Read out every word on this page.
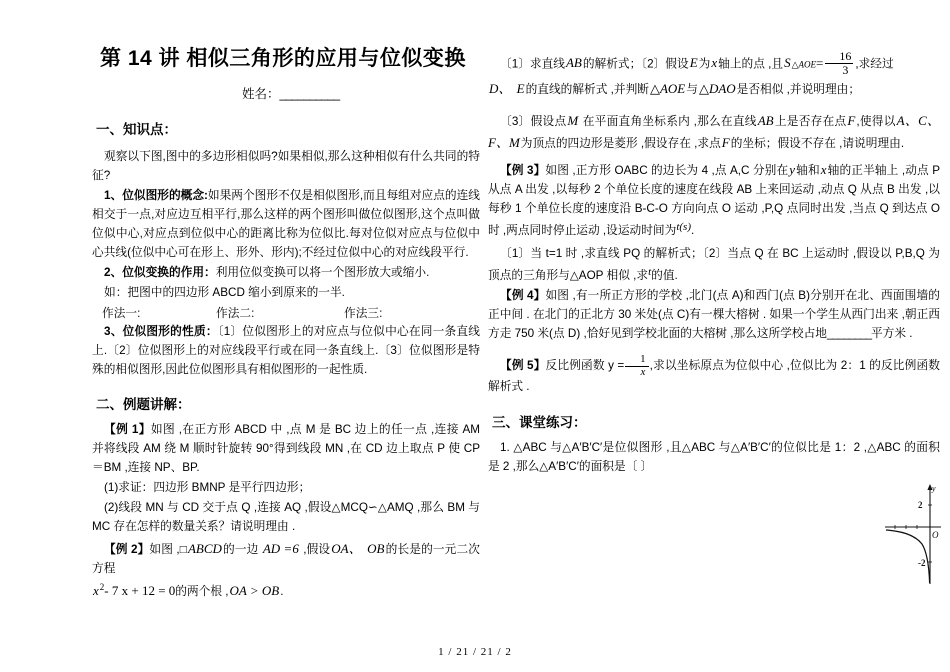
第 14 讲 相似三角形的应用与位似变换
姓名：__________
一、知识点：

观察以下图,图中的多边形相似吗?如果相似,那么这种相似有什么共同的特征?

1、位似图形的概念:如果两个图形不仅是相似图形,而且每组对应点的连线相交于一点,对应边互相平行,那么这样的两个图形叫做位似图形,这个点叫做位似中心,对应点到位似中心的距离比称为位似比.每对位似对应点与位似中心共线(位似中心可在形上、形外、形内);不经过位似中心的对应线段平行.

2、位似变换的作用：利用位似变换可以将一个图形放大或缩小.

如：把图中的四边形 ABCD 缩小到原来的一半.

作法一:	作法二:	作法三:

3、位似图形的性质：〔1〕位似图形上的对应点与位似中心在同一条直线上.〔2〕位似图形上的对应线段平行或在同一条直线上.〔3〕位似图形是特殊的相似图形,因此位似图形具有相似图形的一起性质.

二、例题讲解：

【例 1】如图 ,在正方形 ABCD 中 ,点 M 是 BC 边上的任一点 ,连接 AM 并将线段 AM 绕 M 顺时针旋转 90°得到线段 MN ,在 CD 边上取点 P 使 CP＝BM ,连接 NP、BP.

(1)求证：四边形 BMNP 是平行四边形；

(2)线段 MN 与 CD 交于点 Q ,连接 AQ ,假设△MCQ∽△AMQ ,那么 BM 与 MC 存在怎样的数量关系？请说明理由 .

【例 2】如图 ,□ABCD的一边 AD =6 ,假设OA、 OB的长是的一元二次方程

$x^2-$ 7 x + 12 = 0的两个根 ,OA > OB.

〔1〕求直线AB的解析式；〔2〕假设E为x轴上的点 ,且S△AOE= $\frac{16}{3}$ ,求经过

D、 E的直线的解析式 ,并判断△AOE与△DAO是否相似 ,并说明理由；

〔3〕假设点M 在平面直角坐标系内 ,那么在直线AB上是否存在点F,使得以A、C、F、M为顶点的四边形是菱形 ,假设存在 ,求点F的坐标；假设不存在 ,请说明理由.

【例 3】如图 ,正方形 OABC 的边长为 4 ,点 A,C 分别在y轴和x轴的正半轴上 ,动点 P 从点 A 出发 ,以每秒 2 个单位长度的速度在线段 AB 上来回运动 ,动点 Q 从点 B 出发 ,以每秒 1 个单位长度的速度沿 B-C-O 方向向点 O 运动 ,P,Q 点同时出发 ,当点 Q 到达点 O 时 ,两点同时停止运动 ,设运动时间为t(s).

〔1〕当 t=1 时 ,求直线 PQ 的解析式；〔2〕当点 Q 在 BC 上运动时 ,假设以 P,B,Q 为顶点的三角形与△AOP 相似 ,求t的值.

【例 4】如图 ,有一所正方形的学校 ,北门(点 A)和西门(点 B)分别开在北、西面围墙的正中间 . 在北门的正北方 30 米处(点 C)有一棵大榕树 . 如果一个学生从西门出来 ,朝正西方走 750 米(点 D) ,恰好见到学校北面的大榕树 ,那么这所学校占地________平方米 .

【例 5】反比例函数 $y = \frac{1}{x}$ ,求以坐标原点为位似中心 ,位似比为 2：1 的反比例函数解析式 .

三、课堂练习：

1. △ABC 与△A′B′C′是位似图形 ,且△ABC 与△A′B′C′的位似比是 1：2 ,△ABC 的面积是 2 ,那么△A′B′C′的面积是〔 〕

y
O
2
-2
1 / 21 / 21 / 2
